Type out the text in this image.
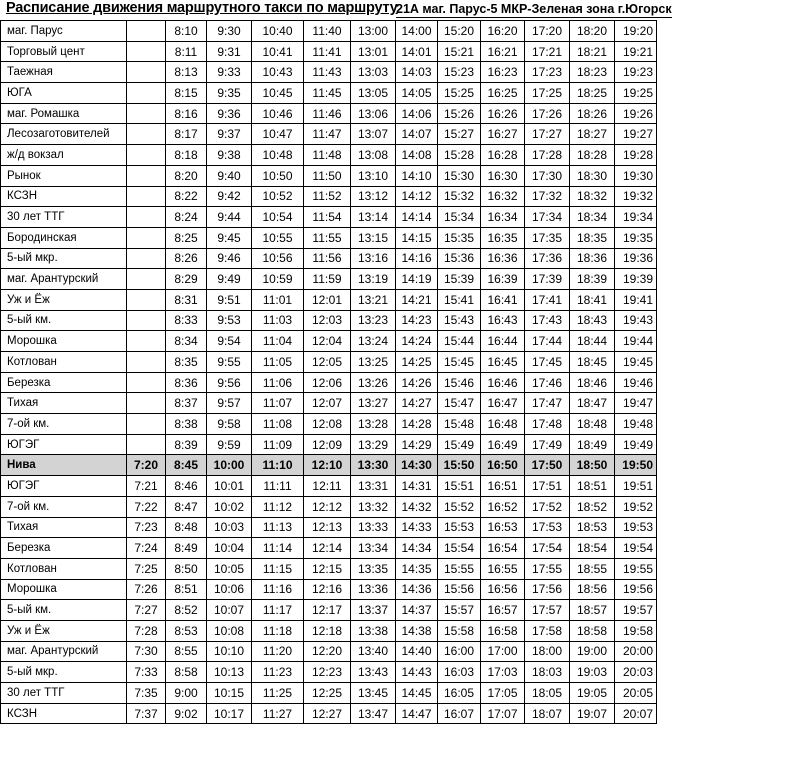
Расписание движения маршрутного такси по маршруту
21А маг. Парус-5 МКР-Зеленая зона г.Югорск
маг. Парус		8:10	9:30	10:40	11:40	13:00	14:00	15:20	16:20	17:20	18:20	19:20
Торговый цент		8:11	9:31	10:41	11:41	13:01	14:01	15:21	16:21	17:21	18:21	19:21
Таежная		8:13	9:33	10:43	11:43	13:03	14:03	15:23	16:23	17:23	18:23	19:23
ЮГА		8:15	9:35	10:45	11:45	13:05	14:05	15:25	16:25	17:25	18:25	19:25
маг. Ромашка		8:16	9:36	10:46	11:46	13:06	14:06	15:26	16:26	17:26	18:26	19:26
Лесозаготовителей		8:17	9:37	10:47	11:47	13:07	14:07	15:27	16:27	17:27	18:27	19:27
ж/д вокзал		8:18	9:38	10:48	11:48	13:08	14:08	15:28	16:28	17:28	18:28	19:28
Рынок		8:20	9:40	10:50	11:50	13:10	14:10	15:30	16:30	17:30	18:30	19:30
КСЗН		8:22	9:42	10:52	11:52	13:12	14:12	15:32	16:32	17:32	18:32	19:32
30 лет ТТГ		8:24	9:44	10:54	11:54	13:14	14:14	15:34	16:34	17:34	18:34	19:34
Бородинская		8:25	9:45	10:55	11:55	13:15	14:15	15:35	16:35	17:35	18:35	19:35
5-ый мкр.		8:26	9:46	10:56	11:56	13:16	14:16	15:36	16:36	17:36	18:36	19:36
маг. Арантурский		8:29	9:49	10:59	11:59	13:19	14:19	15:39	16:39	17:39	18:39	19:39
Уж и Ёж		8:31	9:51	11:01	12:01	13:21	14:21	15:41	16:41	17:41	18:41	19:41
5-ый км.		8:33	9:53	11:03	12:03	13:23	14:23	15:43	16:43	17:43	18:43	19:43
Морошка		8:34	9:54	11:04	12:04	13:24	14:24	15:44	16:44	17:44	18:44	19:44
Котлован		8:35	9:55	11:05	12:05	13:25	14:25	15:45	16:45	17:45	18:45	19:45
Березка		8:36	9:56	11:06	12:06	13:26	14:26	15:46	16:46	17:46	18:46	19:46
Тихая		8:37	9:57	11:07	12:07	13:27	14:27	15:47	16:47	17:47	18:47	19:47
7-ой км.		8:38	9:58	11:08	12:08	13:28	14:28	15:48	16:48	17:48	18:48	19:48
ЮГЭГ		8:39	9:59	11:09	12:09	13:29	14:29	15:49	16:49	17:49	18:49	19:49
Нива	7:20	8:45	10:00	11:10	12:10	13:30	14:30	15:50	16:50	17:50	18:50	19:50
ЮГЭГ	7:21	8:46	10:01	11:11	12:11	13:31	14:31	15:51	16:51	17:51	18:51	19:51
7-ой км.	7:22	8:47	10:02	11:12	12:12	13:32	14:32	15:52	16:52	17:52	18:52	19:52
Тихая	7:23	8:48	10:03	11:13	12:13	13:33	14:33	15:53	16:53	17:53	18:53	19:53
Березка	7:24	8:49	10:04	11:14	12:14	13:34	14:34	15:54	16:54	17:54	18:54	19:54
Котлован	7:25	8:50	10:05	11:15	12:15	13:35	14:35	15:55	16:55	17:55	18:55	19:55
Морошка	7:26	8:51	10:06	11:16	12:16	13:36	14:36	15:56	16:56	17:56	18:56	19:56
5-ый км.	7:27	8:52	10:07	11:17	12:17	13:37	14:37	15:57	16:57	17:57	18:57	19:57
Уж и Ёж	7:28	8:53	10:08	11:18	12:18	13:38	14:38	15:58	16:58	17:58	18:58	19:58
маг. Арантурский	7:30	8:55	10:10	11:20	12:20	13:40	14:40	16:00	17:00	18:00	19:00	20:00
5-ый мкр.	7:33	8:58	10:13	11:23	12:23	13:43	14:43	16:03	17:03	18:03	19:03	20:03
30 лет ТТГ	7:35	9:00	10:15	11:25	12:25	13:45	14:45	16:05	17:05	18:05	19:05	20:05
КСЗН	7:37	9:02	10:17	11:27	12:27	13:47	14:47	16:07	17:07	18:07	19:07	20:07
